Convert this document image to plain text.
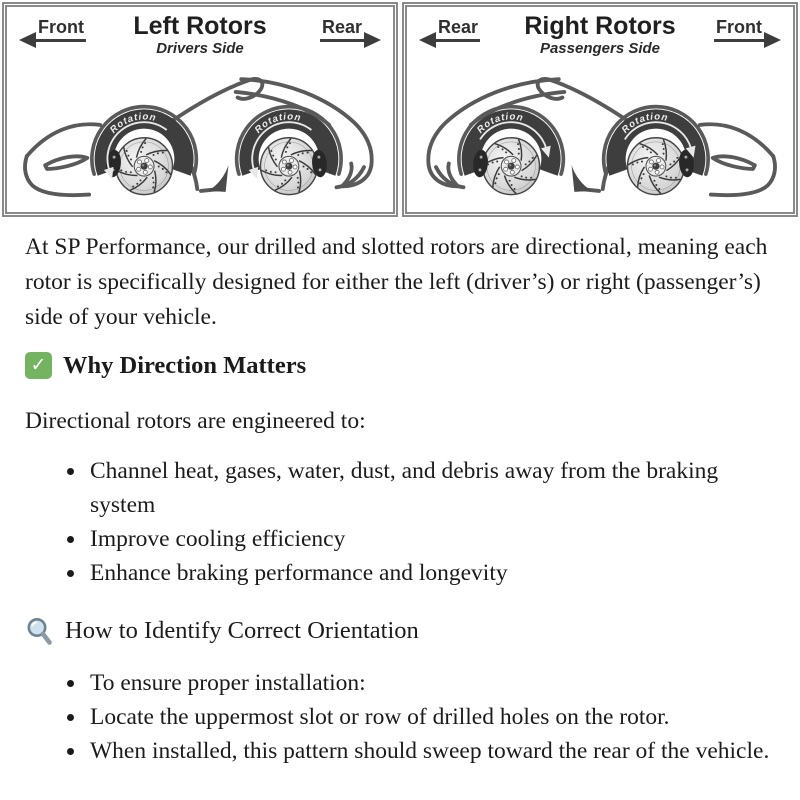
Rotation
Rotation
Front	Left Rotors
Drivers Side
Rear
Rotation
Rotation
Rear	Right Rotors
Passengers Side
Front

At SP Performance, our drilled and slotted rotors are directional, meaning each rotor is specifically designed for either the left (driver’s) or right (passenger’s) side of your vehicle.

✓ Why Direction Matters

Directional rotors are engineered to:

• Channel heat, gases, water, dust, and debris away from the braking system
• Improve cooling efficiency
• Enhance braking performance and longevity
How to Identify Correct Orientation
• To ensure proper installation:
• Locate the uppermost slot or row of drilled holes on the rotor.
• When installed, this pattern should sweep toward the rear of the vehicle.
